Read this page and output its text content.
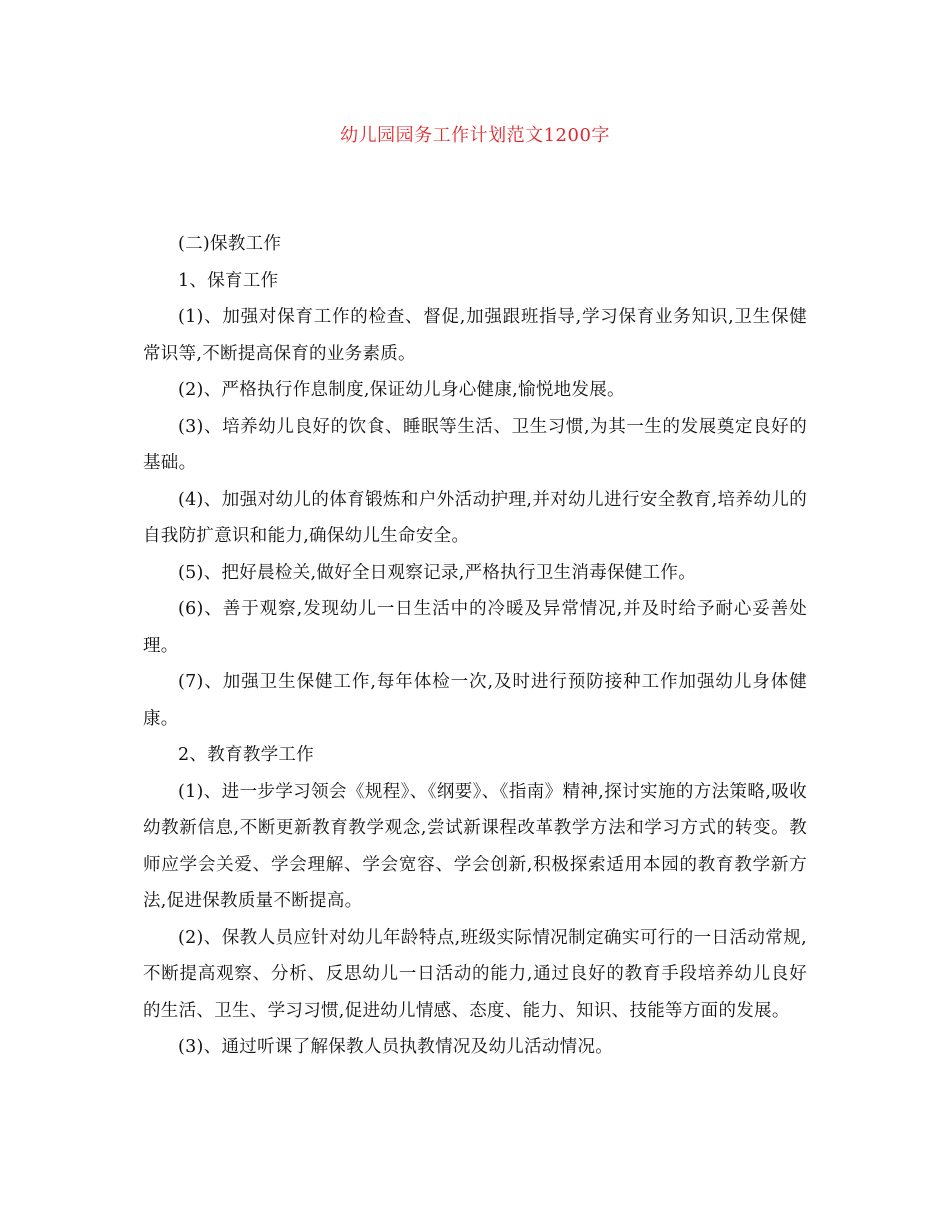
幼儿园园务工作计划范文1200字

(二)保教工作

1、保育工作

(1)、加强对保育工作的检查、督促,加强跟班指导,学习保育业务知识,卫生保健常识等,不断提高保育的业务素质。

(2)、严格执行作息制度,保证幼儿身心健康,愉悦地发展。

(3)、培养幼儿良好的饮食、睡眠等生活、卫生习惯,为其一生的发展奠定良好的基础。

(4)、加强对幼儿的体育锻炼和户外活动护理,并对幼儿进行安全教育,培养幼儿的自我防扩意识和能力,确保幼儿生命安全。

(5)、把好晨检关,做好全日观察记录,严格执行卫生消毒保健工作。

(6)、善于观察,发现幼儿一日生活中的冷暖及异常情况,并及时给予耐心妥善处理。

(7)、加强卫生保健工作,每年体检一次,及时进行预防接种工作加强幼儿身体健康。

2、教育教学工作

(1)、进一步学习领会《规程》、《纲要》、《指南》精神,探讨实施的方法策略,吸收幼教新信息,不断更新教育教学观念,尝试新课程改革教学方法和学习方式的转变。教师应学会关爱、学会理解、学会宽容、学会创新,积极探索适用本园的教育教学新方法,促进保教质量不断提高。

(2)、保教人员应针对幼儿年龄特点,班级实际情况制定确实可行的一日活动常规,不断提高观察、分析、反思幼儿一日活动的能力,通过良好的教育手段培养幼儿良好的生活、卫生、学习习惯,促进幼儿情感、态度、能力、知识、技能等方面的发展。

(3)、通过听课了解保教人员执教情况及幼儿活动情况。
